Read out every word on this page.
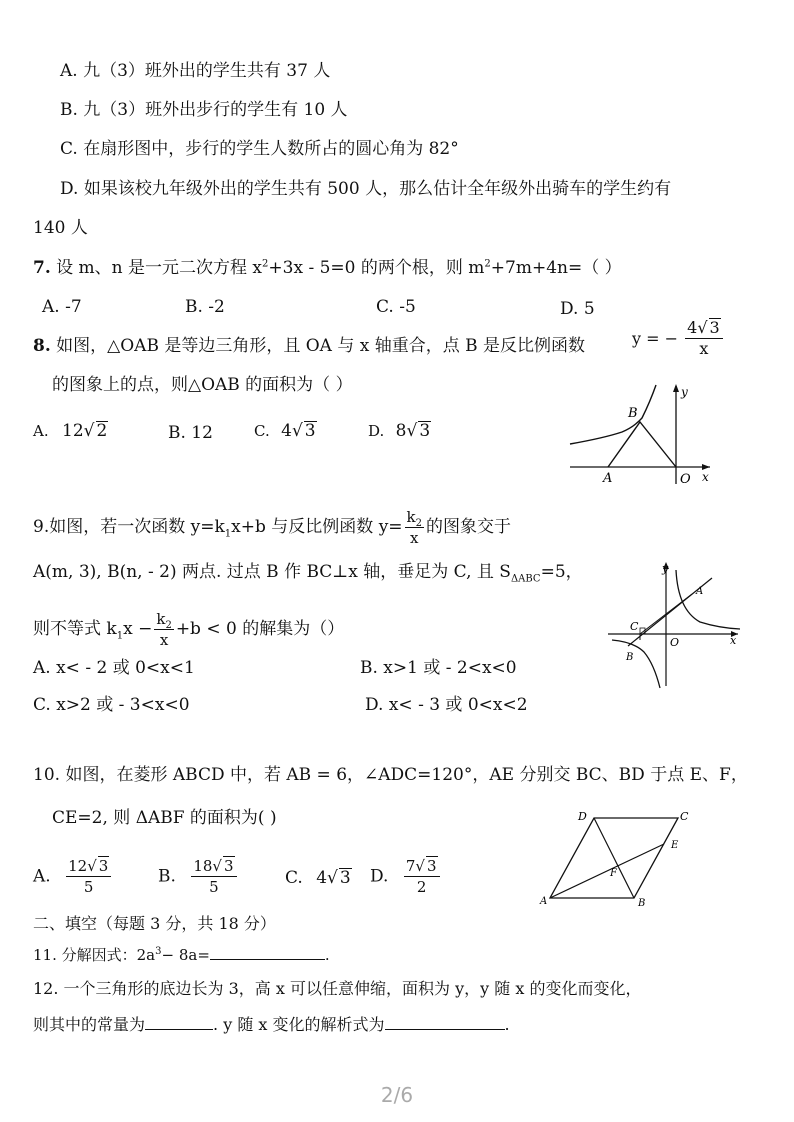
A. 九（3）班外出的学生共有 37 人
B. 九（3）班外出步行的学生有 10 人
C. 在扇形图中，步行的学生人数所占的圆心角为 82°
D. 如果该校九年级外出的学生共有 500 人，那么估计全年级外出骑车的学生约有
140 人
7. 设 m、n 是一元二次方程 $x^2+3x - 5=0$ 的两个根，则 $m^2+7m+4n=$（ ）
A. -7	B. -2	C. -5	D. 5
8. 如图，△OAB 是等边三角形，且 OA 与 x 轴重合，点 B 是反比例函数	y = − $\frac{4√ 3}{x}$
的图象上的点，则△OAB 的面积为（ ）
A. 12√ 2	B. 12	C. 4√ 3	D. 8√ 3
B
A	O x
y
9.如图，若一次函数 $y=k_1x+b$ 与反比例函数 $y= \frac{k_2}{x}$ 的图象交于
A(m, 3), B(n, - 2) 两点. 过点 B 作 BC⊥x 轴，垂足为 C, 且 $S_{\Delta ABC}=5$，
则不等式 $k_1x - \frac{k_2}{x} +b < 0$ 的解集为（）
A. x< - 2 或 0<x<1	B. x>1 或 - 2<x<0
C. x>2 或 - 3<x<0	D. x< - 3 或 0<x<2
y
A
C
O	x
B
10. 如图，在菱形 ABCD 中，若 AB = 6，∠ADC=120°，AE 分别交 BC、BD 于点 E、F，
CE=2, 则 ΔABF 的面积为( )
A. $\frac{12√ 3}{5}$	B. $\frac{18√ 3}{5}$	C. 4√ 3 D. $\frac{7√ 3}{2}$
D	C
E
F
A	B
二、填空（每题 3 分，共 18 分）
11. 分解因式：$2a^3- 8a=$	.
12. 一个三角形的底边长为 3，高 x 可以任意伸缩，面积为 y，y 随 x 的变化而变化，
则其中的常量为	. y 随 x 变化的解析式为	.
2/6
